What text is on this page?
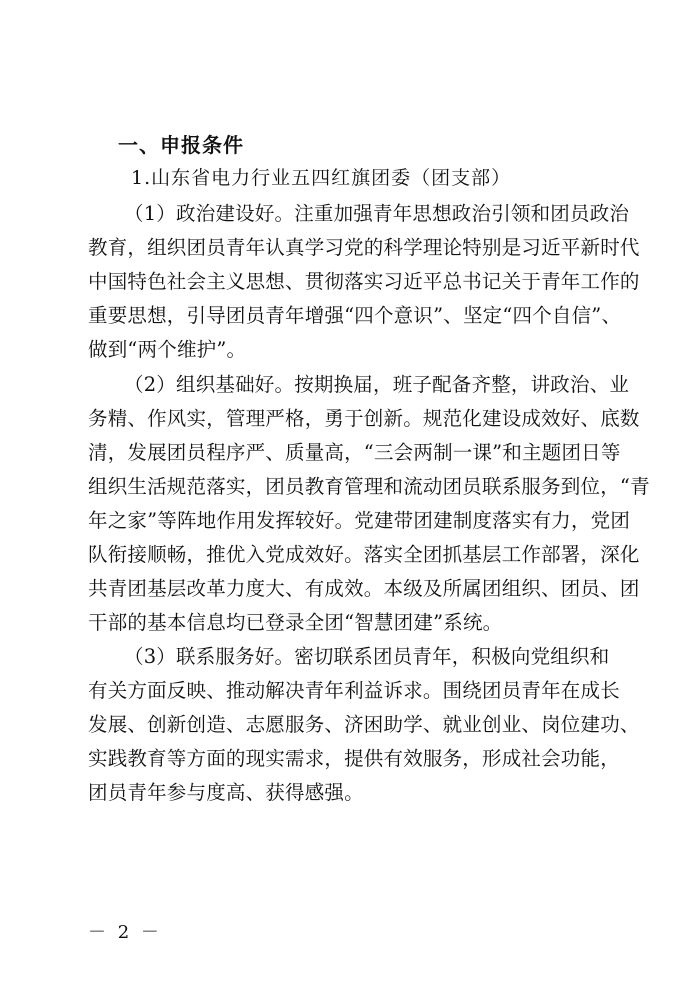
一、申报条件
1.山东省电力行业五四红旗团委（团支部）
（1）政治建设好。注重加强青年思想政治引领和团员政治
教育，组织团员青年认真学习党的科学理论特别是习近平新时代
中国特色社会主义思想、贯彻落实习近平总书记关于青年工作的
重要思想，引导团员青年增强“四个意识”、坚定“四个自信”、
做到“两个维护”。
（2）组织基础好。按期换届，班子配备齐整，讲政治、业
务精、作风实，管理严格，勇于创新。规范化建设成效好、底数
清，发展团员程序严、质量高，“三会两制一课”和主题团日等
组织生活规范落实，团员教育管理和流动团员联系服务到位，“青
年之家”等阵地作用发挥较好。党建带团建制度落实有力，党团
队衔接顺畅，推优入党成效好。落实全团抓基层工作部署，深化
共青团基层改革力度大、有成效。本级及所属团组织、团员、团
干部的基本信息均已登录全团“智慧团建”系统。
（3）联系服务好。密切联系团员青年，积极向党组织和
有关方面反映、推动解决青年利益诉求。围绕团员青年在成长
发展、创新创造、志愿服务、济困助学、就业创业、岗位建功、
实践教育等方面的现实需求，提供有效服务，形成社会功能，
团员青年参与度高、获得感强。
－ 2 －
